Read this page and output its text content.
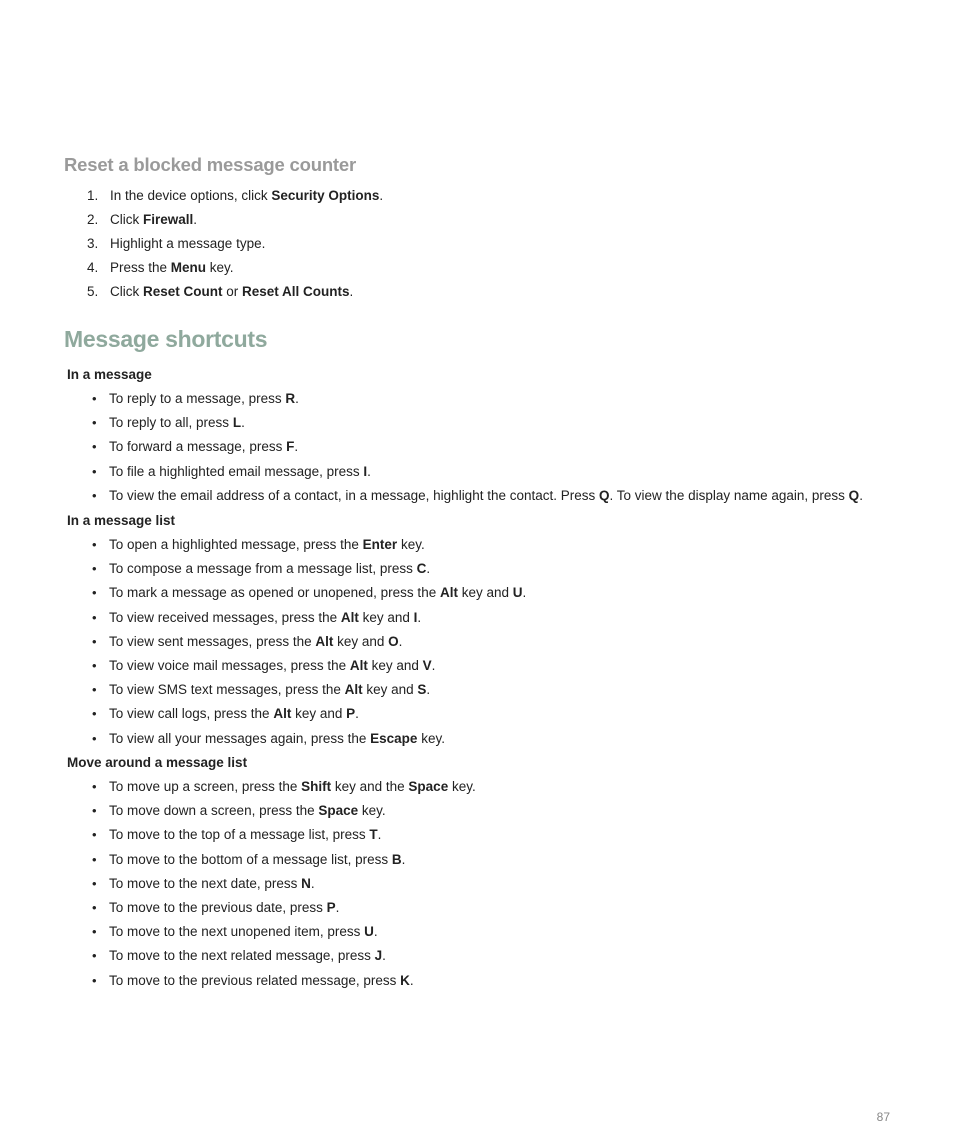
Reset a blocked message counter
1. In the device options, click Security Options.
2. Click Firewall.
3. Highlight a message type.
4. Press the Menu key.
5. Click Reset Count or Reset All Counts.
Message shortcuts
In a message
• To reply to a message, press R.
• To reply to all, press L.
• To forward a message, press F.
• To file a highlighted email message, press I.
• To view the email address of a contact, in a message, highlight the contact. Press Q. To view the display name again, press Q.
In a message list
• To open a highlighted message, press the Enter key.
• To compose a message from a message list, press C.
• To mark a message as opened or unopened, press the Alt key and U.
• To view received messages, press the Alt key and I.
• To view sent messages, press the Alt key and O.
• To view voice mail messages, press the Alt key and V.
• To view SMS text messages, press the Alt key and S.
• To view call logs, press the Alt key and P.
• To view all your messages again, press the Escape key.
Move around a message list
• To move up a screen, press the Shift key and the Space key.
• To move down a screen, press the Space key.
• To move to the top of a message list, press T.
• To move to the bottom of a message list, press B.
• To move to the next date, press N.
• To move to the previous date, press P.
• To move to the next unopened item, press U.
• To move to the next related message, press J.
• To move to the previous related message, press K.
87
